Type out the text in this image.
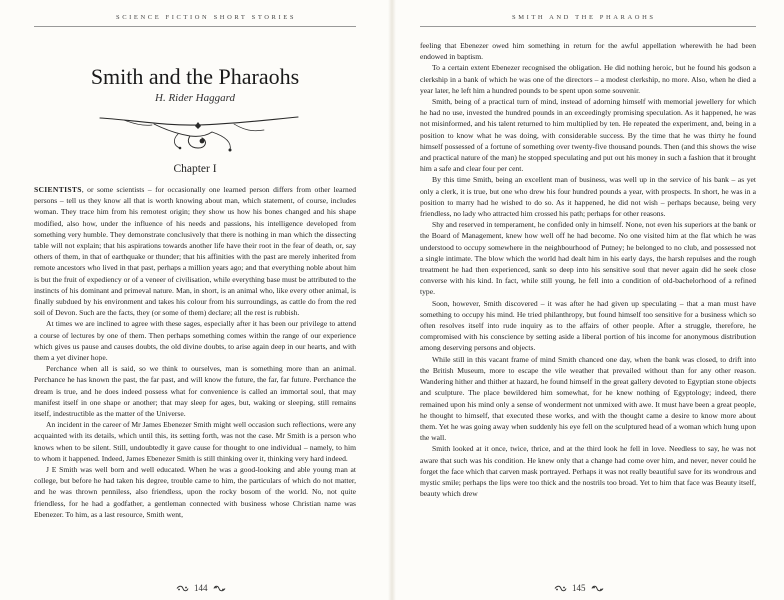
SCIENCE FICTION SHORT STORIES
Smith and the Pharaohs
H. Rider Haggard
Chapter I

SCIENTISTS, or some scientists – for occasionally one learned person differs from other learned persons – tell us they know all that is worth knowing about man, which statement, of course, includes woman. They trace him from his remotest origin; they show us how his bones changed and his shape modified, also how, under the influence of his needs and passions, his intelligence developed from something very humble. They demonstrate conclusively that there is nothing in man which the dissecting table will not explain; that his aspirations towards another life have their root in the fear of death, or, say others of them, in that of earthquake or thunder; that his affinities with the past are merely inherited from remote ancestors who lived in that past, perhaps a million years ago; and that everything noble about him is but the fruit of expediency or of a veneer of civilisation, while everything base must be attributed to the instincts of his dominant and primeval nature. Man, in short, is an animal who, like every other animal, is finally subdued by his environment and takes his colour from his surroundings, as cattle do from the red soil of Devon. Such are the facts, they (or some of them) declare; all the rest is rubbish.

At times we are inclined to agree with these sages, especially after it has been our privilege to attend a course of lectures by one of them. Then perhaps something comes within the range of our experience which gives us pause and causes doubts, the old divine doubts, to arise again deep in our hearts, and with them a yet diviner hope.

Perchance when all is said, so we think to ourselves, man is something more than an animal. Perchance he has known the past, the far past, and will know the future, the far, far future. Perchance the dream is true, and he does indeed possess what for convenience is called an immortal soul, that may manifest itself in one shape or another; that may sleep for ages, but, waking or sleeping, still remains itself, indestructible as the matter of the Universe.

An incident in the career of Mr James Ebenezer Smith might well occasion such reflections, were any acquainted with its details, which until this, its setting forth, was not the case. Mr Smith is a person who knows when to be silent. Still, undoubtedly it gave cause for thought to one individual – namely, to him to whom it happened. Indeed, James Ebenezer Smith is still thinking over it, thinking very hard indeed.

J E Smith was well born and well educated. When he was a good-looking and able young man at college, but before he had taken his degree, trouble came to him, the particulars of which do not matter, and he was thrown penniless, also friendless, upon the rocky bosom of the world. No, not quite friendless, for he had a godfather, a gentleman connected with business whose Christian name was Ebenezer. To him, as a last resource, Smith went,

144
SMITH AND THE PHARAOHS

feeling that Ebenezer owed him something in return for the awful appellation wherewith he had been endowed in baptism.

To a certain extent Ebenezer recognised the obligation. He did nothing heroic, but he found his godson a clerkship in a bank of which he was one of the directors – a modest clerkship, no more. Also, when he died a year later, he left him a hundred pounds to be spent upon some souvenir.

Smith, being of a practical turn of mind, instead of adorning himself with memorial jewellery for which he had no use, invested the hundred pounds in an exceedingly promising speculation. As it happened, he was not misinformed, and his talent returned to him multiplied by ten. He repeated the experiment, and, being in a position to know what he was doing, with considerable success. By the time that he was thirty he found himself possessed of a fortune of something over twenty-five thousand pounds. Then (and this shows the wise and practical nature of the man) he stopped speculating and put out his money in such a fashion that it brought him a safe and clear four per cent.

By this time Smith, being an excellent man of business, was well up in the service of his bank – as yet only a clerk, it is true, but one who drew his four hundred pounds a year, with prospects. In short, he was in a position to marry had he wished to do so. As it happened, he did not wish – perhaps because, being very friendless, no lady who attracted him crossed his path; perhaps for other reasons.

Shy and reserved in temperament, he confided only in himself. None, not even his superiors at the bank or the Board of Management, knew how well off he had become. No one visited him at the flat which he was understood to occupy somewhere in the neighbourhood of Putney; he belonged to no club, and possessed not a single intimate. The blow which the world had dealt him in his early days, the harsh repulses and the rough treatment he had then experienced, sank so deep into his sensitive soul that never again did he seek close converse with his kind. In fact, while still young, he fell into a condition of old-bachelorhood of a refined type.

Soon, however, Smith discovered – it was after he had given up speculating – that a man must have something to occupy his mind. He tried philanthropy, but found himself too sensitive for a business which so often resolves itself into rude inquiry as to the affairs of other people. After a struggle, therefore, he compromised with his conscience by setting aside a liberal portion of his income for anonymous distribution among deserving persons and objects.

While still in this vacant frame of mind Smith chanced one day, when the bank was closed, to drift into the British Museum, more to escape the vile weather that prevailed without than for any other reason. Wandering hither and thither at hazard, he found himself in the great gallery devoted to Egyptian stone objects and sculpture. The place bewildered him somewhat, for he knew nothing of Egyptology; indeed, there remained upon his mind only a sense of wonderment not unmixed with awe. It must have been a great people, he thought to himself, that executed these works, and with the thought came a desire to know more about them. Yet he was going away when suddenly his eye fell on the sculptured head of a woman which hung upon the wall.

Smith looked at it once, twice, thrice, and at the third look he fell in love. Needless to say, he was not aware that such was his condition. He knew only that a change had come over him, and never, never could he forget the face which that carven mask portrayed. Perhaps it was not really beautiful save for its wondrous and mystic smile; perhaps the lips were too thick and the nostrils too broad. Yet to him that face was Beauty itself, beauty which drew

145
